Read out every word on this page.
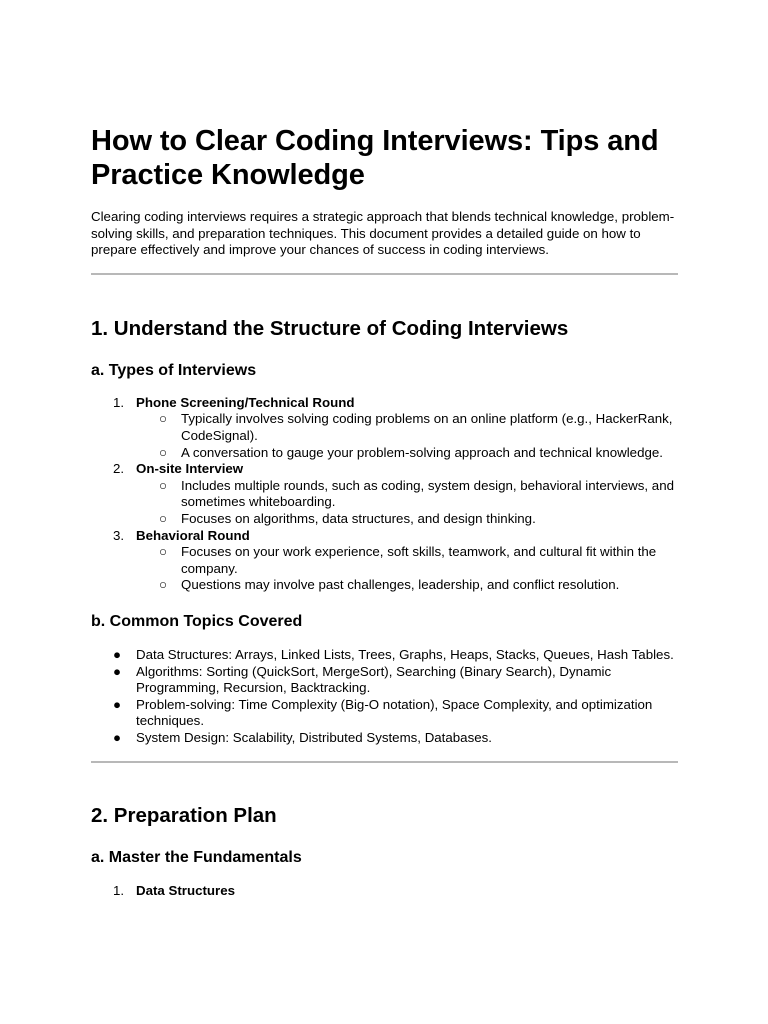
How to Clear Coding Interviews: Tips and Practice Knowledge

Clearing coding interviews requires a strategic approach that blends technical knowledge, problem-solving skills, and preparation techniques. This document provides a detailed guide on how to prepare effectively and improve your chances of success in coding interviews.

1. Understand the Structure of Coding Interviews
a. Types of Interviews
1. Phone Screening/Technical Round
○ Typically involves solving coding problems on an online platform (e.g., HackerRank, CodeSignal).
○ A conversation to gauge your problem-solving approach and technical knowledge.
2. On-site Interview
○ Includes multiple rounds, such as coding, system design, behavioral interviews, and sometimes whiteboarding.
○ Focuses on algorithms, data structures, and design thinking.
3. Behavioral Round
○ Focuses on your work experience, soft skills, teamwork, and cultural fit within the company.
○ Questions may involve past challenges, leadership, and conflict resolution.
b. Common Topics Covered
● Data Structures: Arrays, Linked Lists, Trees, Graphs, Heaps, Stacks, Queues, Hash Tables.
● Algorithms: Sorting (QuickSort, MergeSort), Searching (Binary Search), Dynamic Programming, Recursion, Backtracking.
● Problem-solving: Time Complexity (Big-O notation), Space Complexity, and optimization techniques.
● System Design: Scalability, Distributed Systems, Databases.
2. Preparation Plan
a. Master the Fundamentals
1. Data Structures
